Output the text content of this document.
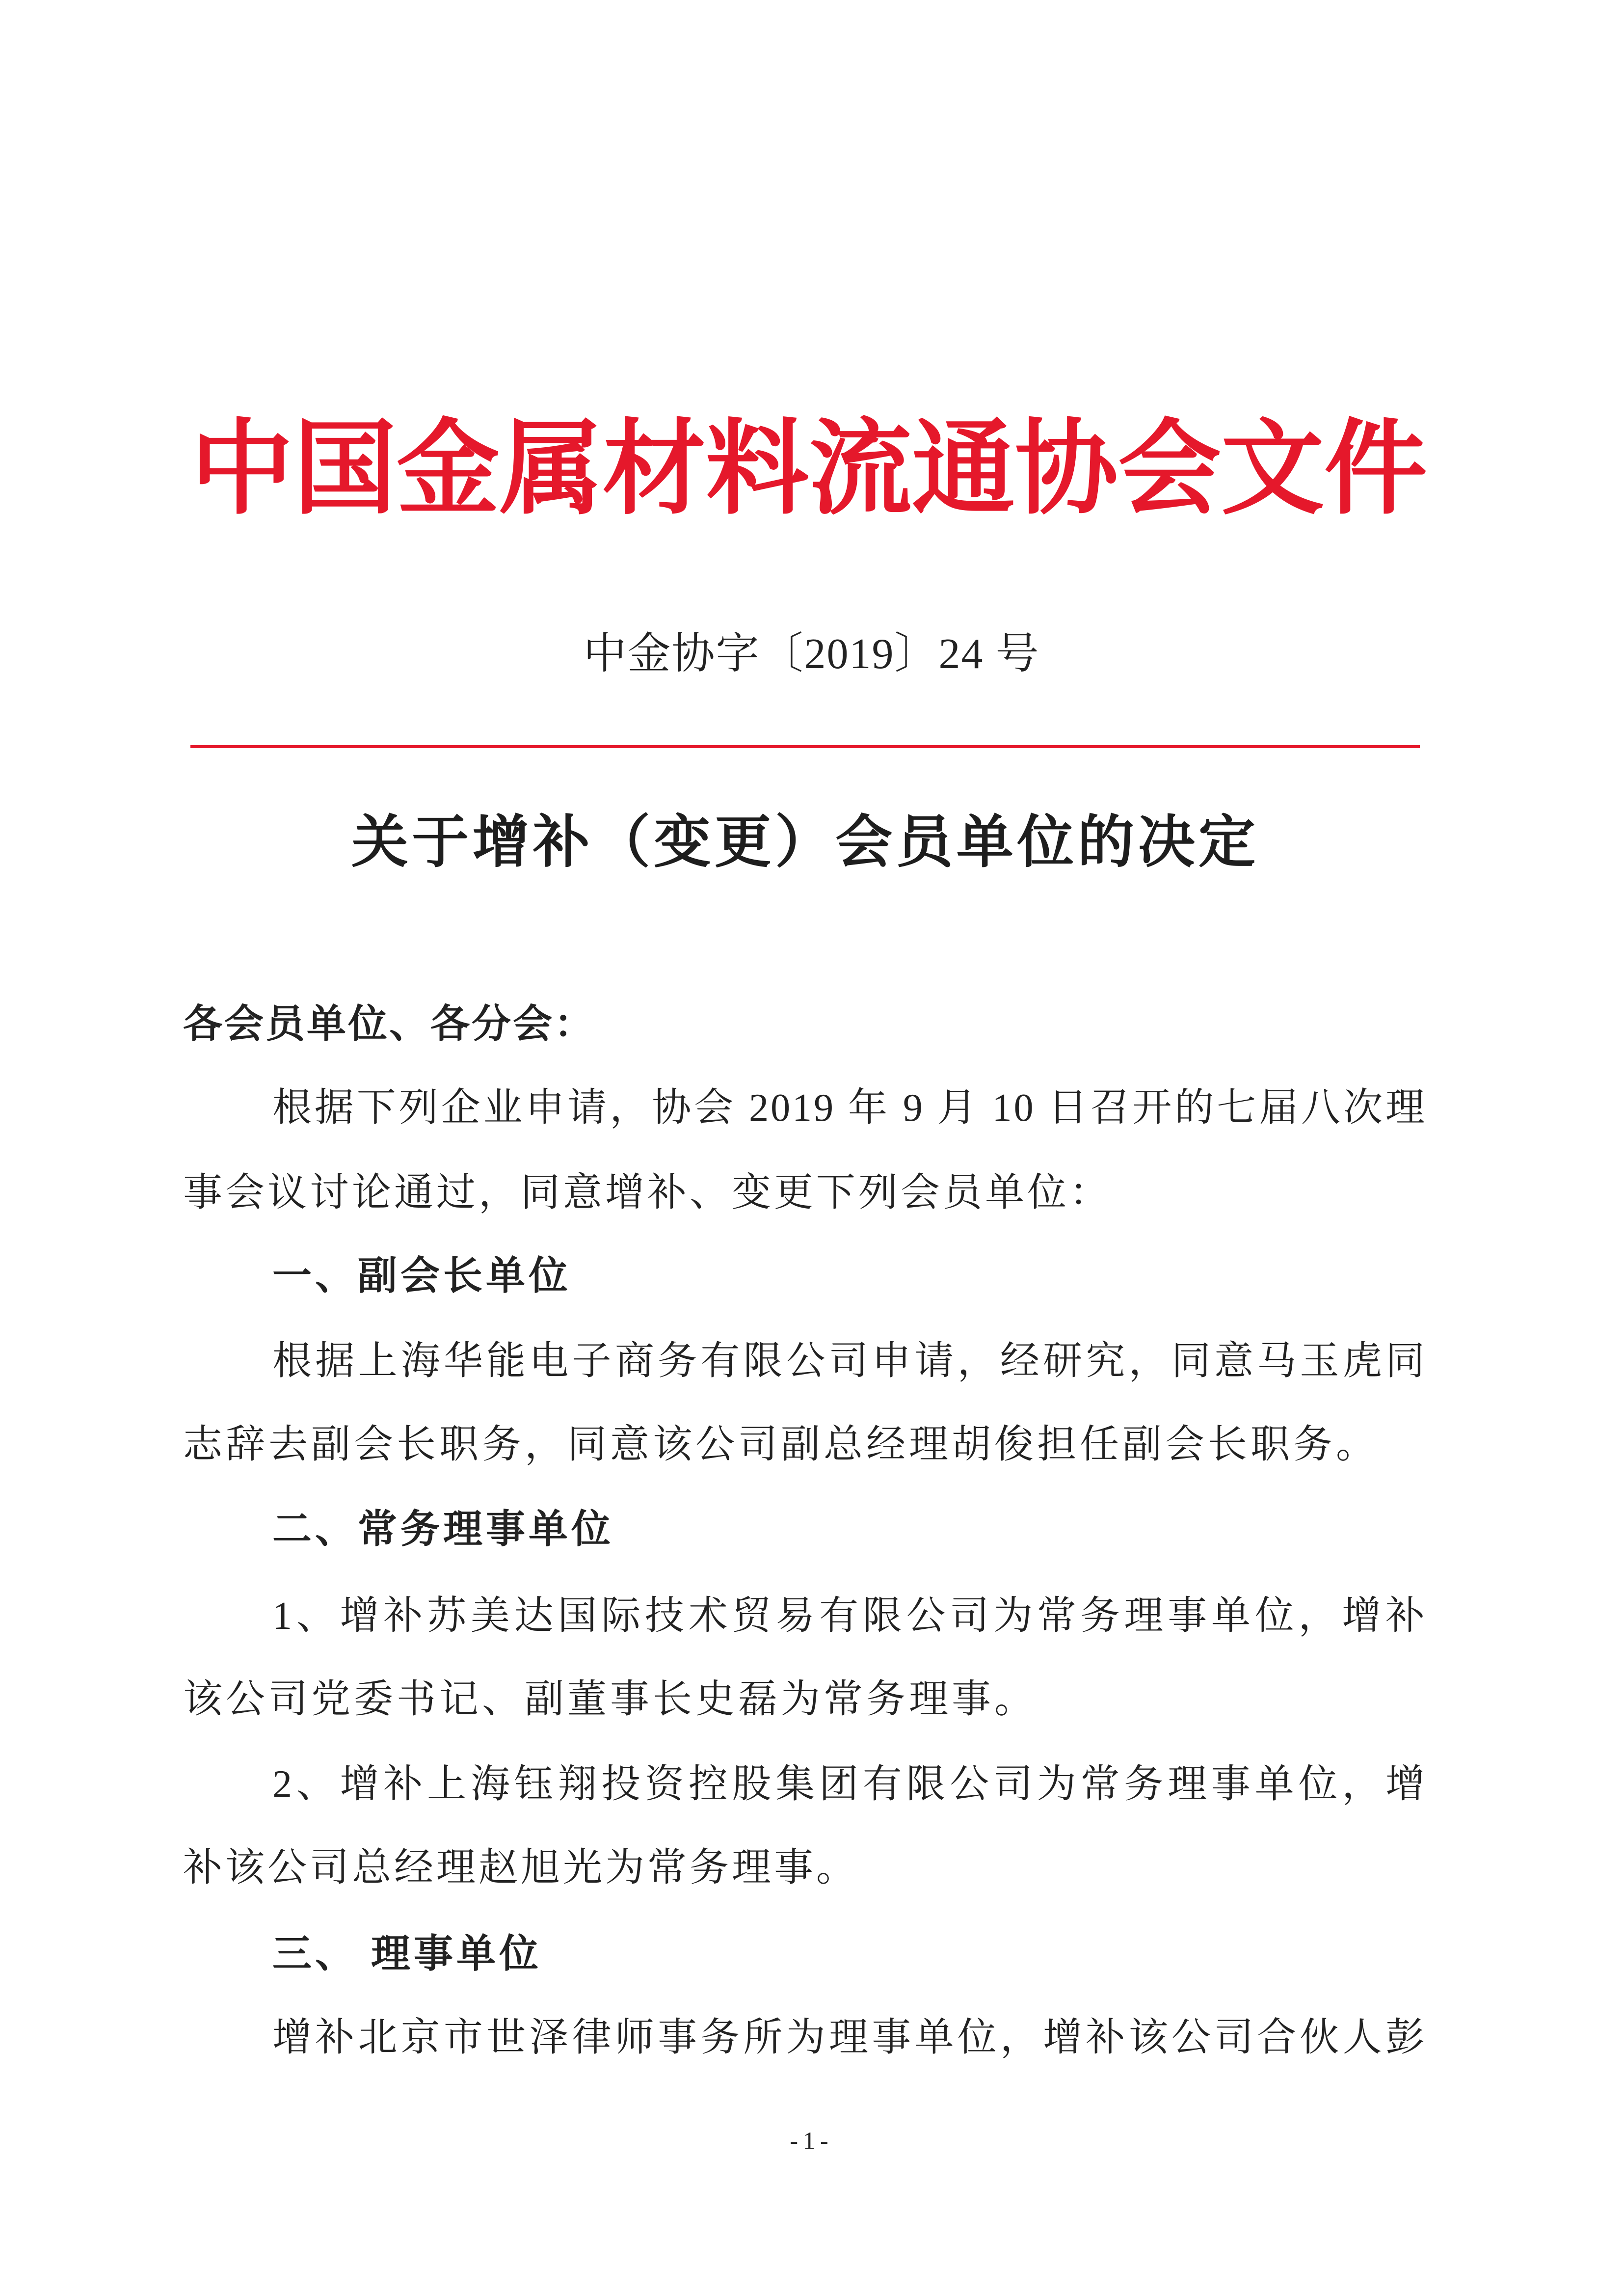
中国金属材料流通协会文件
中金协字〔2019〕24 号
关于增补（变更）会员单位的决定
各会员单位、各分会：
根据下列企业申请，协会 2019 年 9 月 10 日召开的七届八次理
事会议讨论通过，同意增补、变更下列会员单位：
一、副会长单位
根据上海华能电子商务有限公司申请，经研究，同意马玉虎同
志辞去副会长职务，同意该公司副总经理胡俊担任副会长职务。
二、常务理事单位
1、增补苏美达国际技术贸易有限公司为常务理事单位，增补
该公司党委书记、副董事长史磊为常务理事。
2、增补上海钰翔投资控股集团有限公司为常务理事单位，增
补该公司总经理赵旭光为常务理事。
三、 理事单位
增补北京市世泽律师事务所为理事单位，增补该公司合伙人彭
-1-
